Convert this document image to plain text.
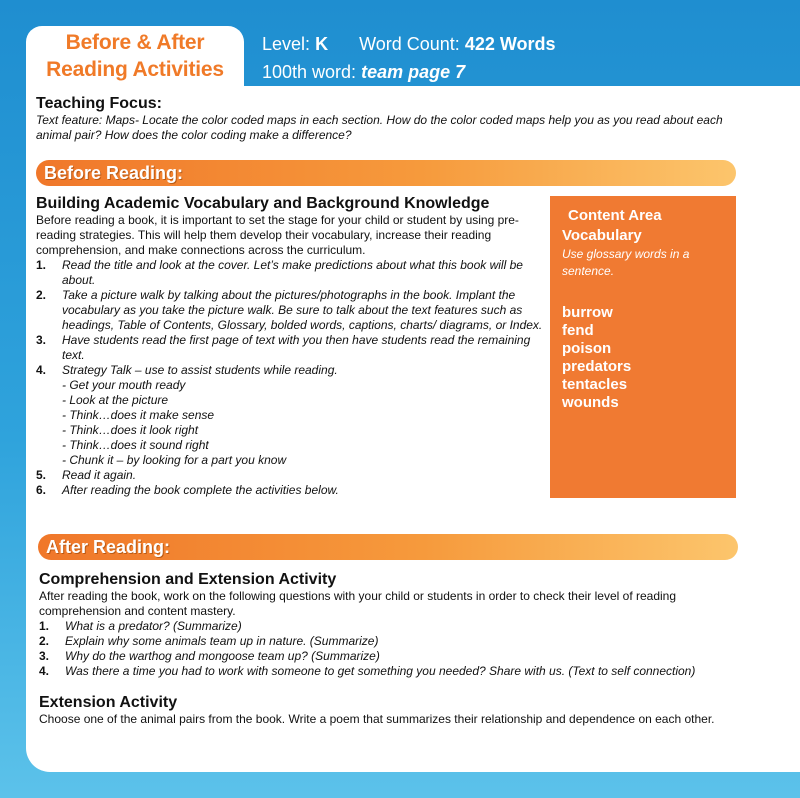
Before & After
Reading Activities
Level: K Word Count: 422 Words
100th word: team page 7
Teaching Focus:

Text feature: Maps- Locate the color coded maps in each section. How do the color coded maps help you as you read about each animal pair? How does the color coding make a difference?

Before Reading:
Building Academic Vocabulary and Background Knowledge

Before reading a book, it is important to set the stage for your child or student by using pre-reading strategies. This will help them develop their vocabulary, increase their reading comprehension, and make connections across the curriculum.

1.	Read the title and look at the cover. Let’s make predictions about what this book will be about.
2.	Take a picture walk by talking about the pictures/photographs in the book. Implant the vocabulary as you take the picture walk. Be sure to talk about the text features such as headings, Table of Contents, Glossary, bolded words, captions, charts/ diagrams, or Index.
3.	Have students read the first page of text with you then have students read the remaining text.
4.	Strategy Talk – use to assist students while reading.
- Get your mouth ready
- Look at the picture
- Think…does it make sense
- Think…does it look right
- Think…does it sound right
- Chunk it – by looking for a part you know
5.	Read it again.
6.	After reading the book complete the activities below.
Content Area
Vocabulary
Use glossary words in a sentence.
burrow
fend
poison
predators
tentacles
wounds
After Reading:
Comprehension and Extension Activity

After reading the book, work on the following questions with your child or students in order to check their level of reading comprehension and content mastery.

1.	What is a predator? (Summarize)
2.	Explain why some animals team up in nature. (Summarize)
3.	Why do the warthog and mongoose team up? (Summarize)
4.	Was there a time you had to work with someone to get something you needed? Share with us. (Text to self connection)
Extension Activity

Choose one of the animal pairs from the book. Write a poem that summarizes their relationship and dependence on each other.
